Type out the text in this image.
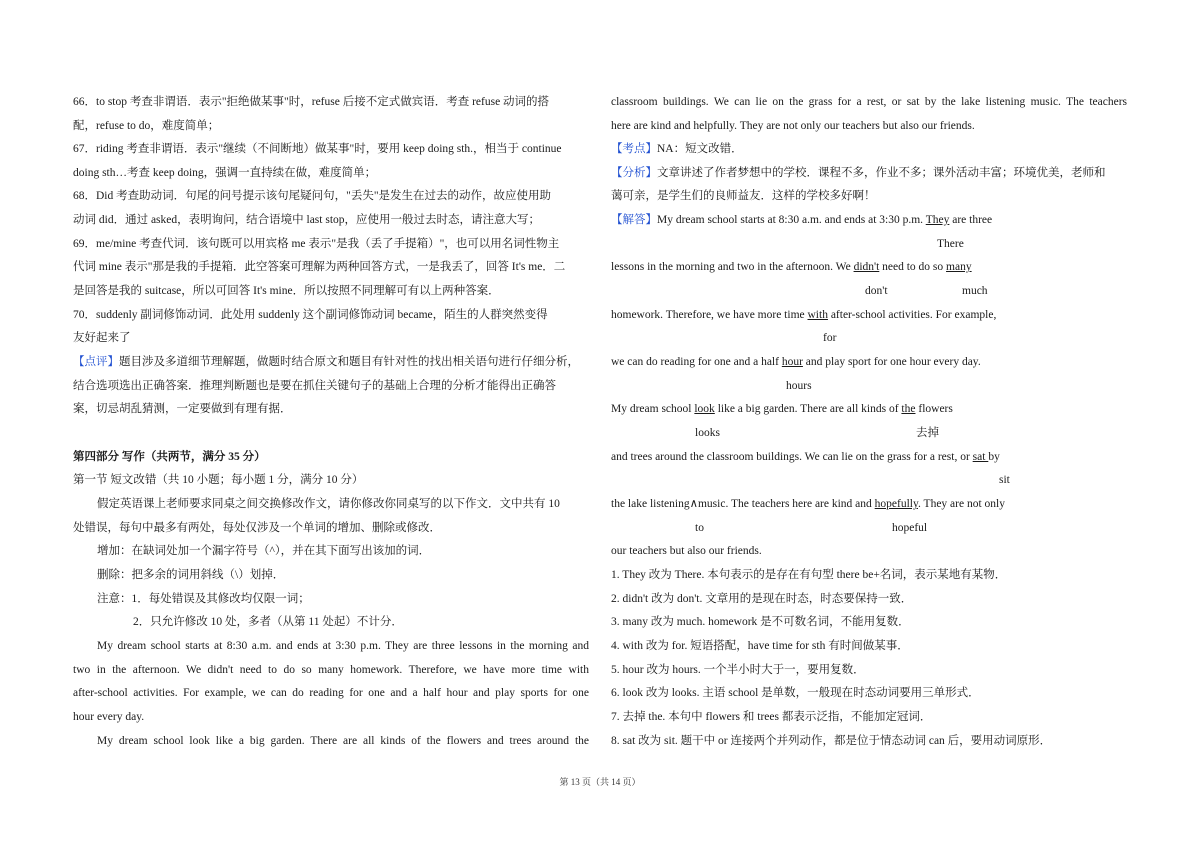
66．to stop 考查非谓语．表示"拒绝做某事"时，refuse 后接不定式做宾语．考查 refuse 动词的搭
配，refuse to do，难度简单；
67．riding 考查非谓语．表示"继续（不间断地）做某事"时，要用 keep doing sth.，相当于 continue
doing sth…考查 keep doing，强调一直持续在做，难度简单；
68．Did 考查助动词．句尾的问号提示该句尾疑问句，"丢失"是发生在过去的动作，故应使用助
动词 did．通过 asked，表明询问，结合语境中 last stop，应使用一般过去时态，请注意大写；
69．me/mine 考查代词．该句既可以用宾格 me 表示"是我（丢了手提箱）"，也可以用名词性物主
代词 mine 表示"那是我的手提箱．此空答案可理解为两种回答方式，一是我丢了，回答 It's me．二
是回答是我的 suitcase，所以可回答 It's mine．所以按照不同理解可有以上两种答案．
70．suddenly 副词修饰动词．此处用 suddenly 这个副词修饰动词 became，陌生的人群突然变得
友好起来了
【点评】题目涉及多道细节理解题，做题时结合原文和题目有针对性的找出相关语句进行仔细分析，
结合选项选出正确答案．推理判断题也是要在抓住关键句子的基础上合理的分析才能得出正确答
案，切忌胡乱猜测，一定要做到有理有据．
第四部分 写作（共两节，满分 35 分）
第一节 短文改错（共 10 小题；每小题 1 分，满分 10 分）
假定英语课上老师要求同桌之间交换修改作文，请你修改你同桌写的以下作文．文中共有 10
处错误，每句中最多有两处，每处仅涉及一个单词的增加、删除或修改．
增加：在缺词处加一个漏字符号（^），并在其下面写出该加的词．
删除：把多余的词用斜线（\）划掉．
注意：1．每处错误及其修改均仅限一词；
2．只允许修改 10 处，多者（从第 11 处起）不计分．
My dream school starts at 8:30 a.m. and ends at 3:30 p.m. They are three lessons in the morning and
two in the afternoon. We didn't need to do so many homework. Therefore, we have more time with
after-school activities. For example, we can do reading for one and a half hour and play sports for one
hour every day.
My dream school look like a big garden. There are all kinds of the flowers and trees around the
classroom buildings. We can lie on the grass for a rest, or sat by the lake listening music. The teachers
here are kind and helpfully. They are not only our teachers but also our friends.
【考点】NA：短文改错．
【分析】文章讲述了作者梦想中的学校．课程不多，作业不多；课外活动丰富；环境优美，老师和
蔼可亲，是学生们的良师益友．这样的学校多好啊！
【解答】My dream school starts at 8:30 a.m. and ends at 3:30 p.m. They are three
There
lessons in the morning and two in the afternoon. We didn't need to do so many
don't	much
homework. Therefore, we have more time with after-school activities. For example,
for
we can do reading for one and a half hour and play sport for one hour every day.
hours
My dream school look like a big garden. There are all kinds of the flowers
looks	去掉
and trees around the classroom buildings. We can lie on the grass for a rest, or sat by
sit
the lake listening∧music. The teachers here are kind and hopefully. They are not only
to	hopeful
our teachers but also our friends.
1. They 改为 There. 本句表示的是存在有句型 there be+名词，表示某地有某物．
2. didn't 改为 don't. 文章用的是现在时态，时态要保持一致．
3. many 改为 much. homework 是不可数名词，不能用复数．
4. with 改为 for. 短语搭配，have time for sth 有时间做某事．
5. hour 改为 hours. 一个半小时大于一，要用复数．
6. look 改为 looks. 主语 school 是单数，一般现在时态动词要用三单形式．
7. 去掉 the. 本句中 flowers 和 trees 都表示泛指，不能加定冠词．
8. sat 改为 sit. 题干中 or 连接两个并列动作，都是位于情态动词 can 后，要用动词原形．
第 13 页（共 14 页）
